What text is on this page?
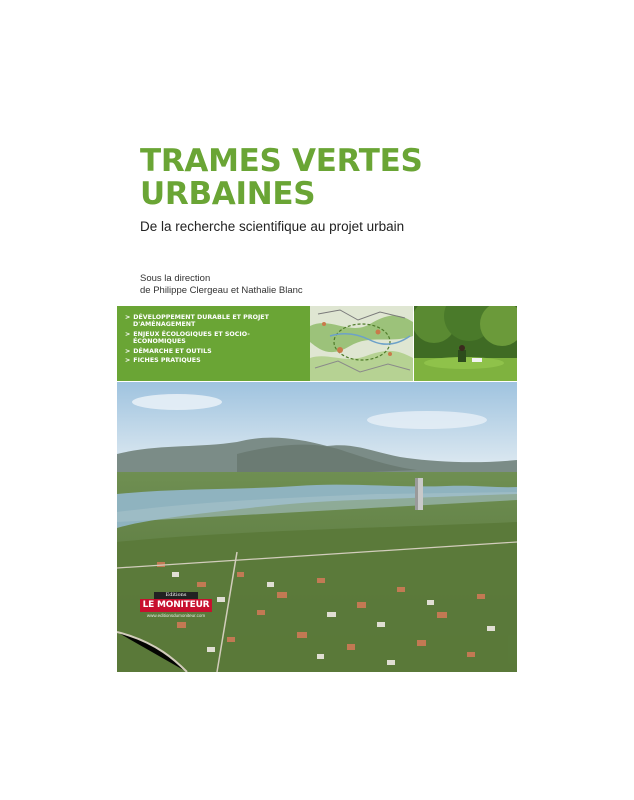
TRAMES VERTES
URBAINES

De la recherche scientifique au projet urbain

Sous la direction
de Philippe Clergeau et Nathalie Blanc
> DÉVELOPPEMENT DURABLE ET PROJET
D'AMÉNAGEMENT
> ENJEUX ÉCOLOGIQUES ET SOCIO-
ÉCONOMIQUES
> DÉMARCHE ET OUTILS
> FICHES PRATIQUES
Editions
LE MONITEUR
www.editionsdumoniteur.com
